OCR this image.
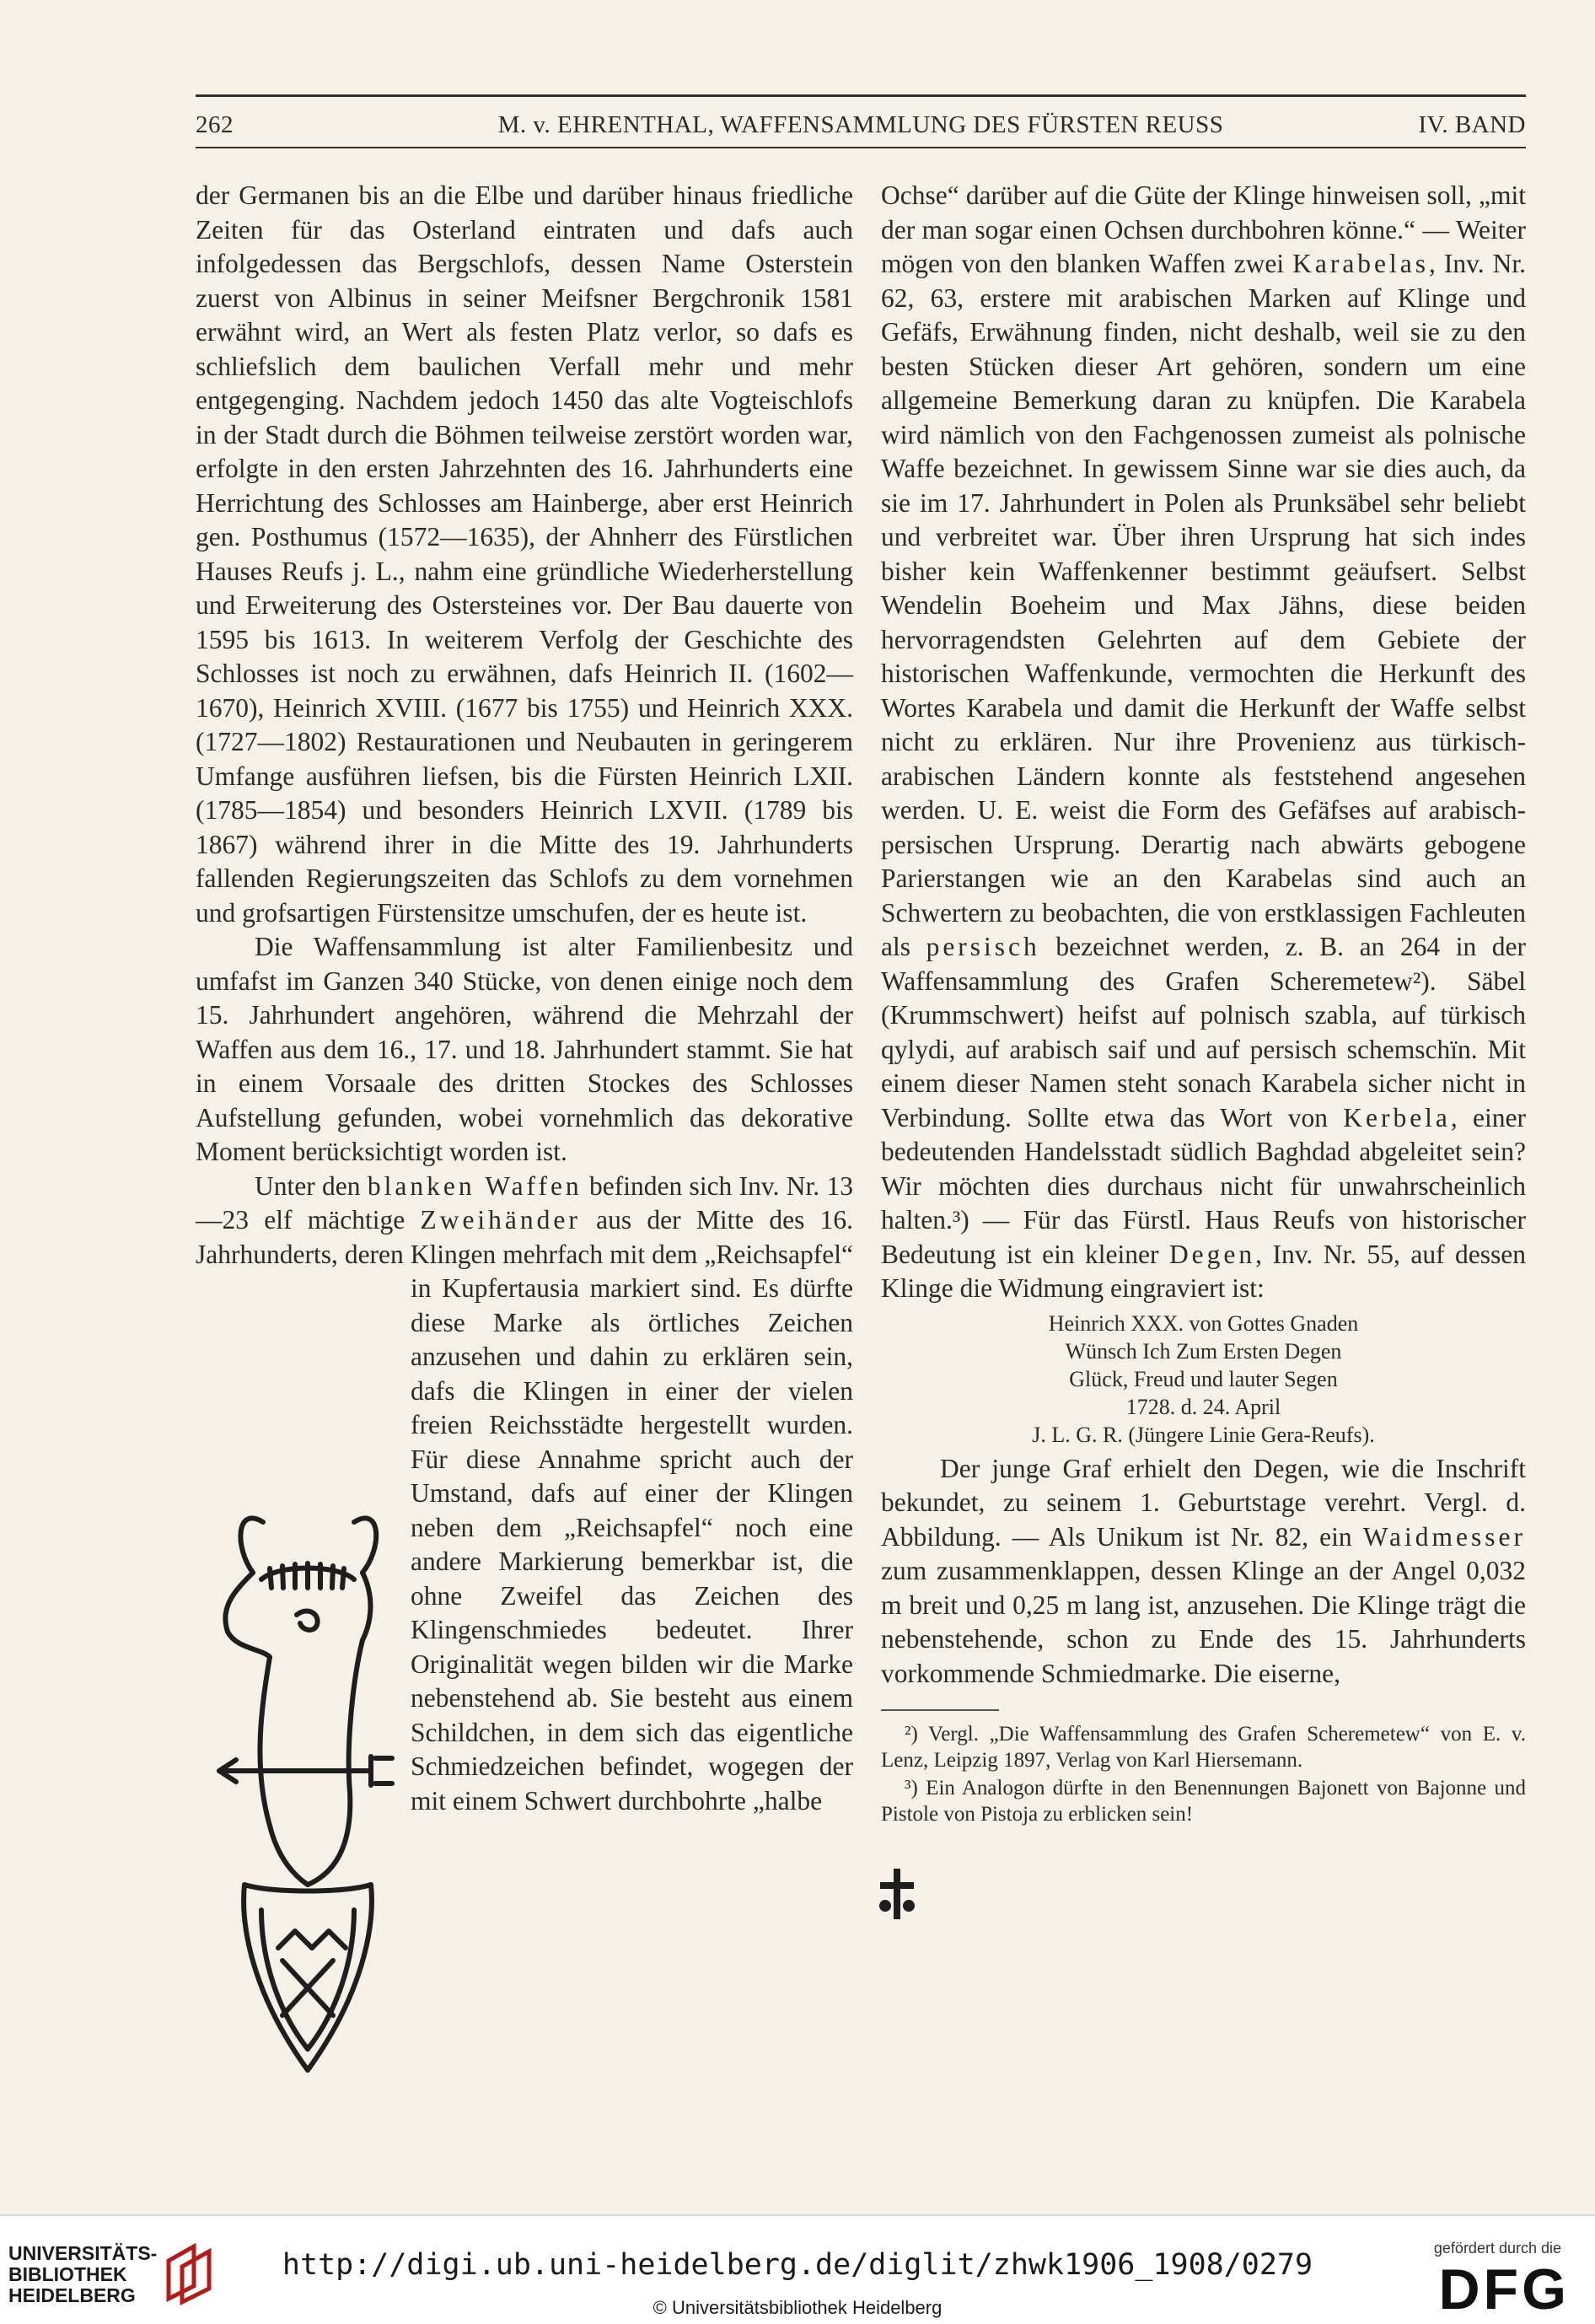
262	M. v. EHRENTHAL, WAFFENSAMMLUNG DES FÜRSTEN REUSS	IV. BAND

der Germanen bis an die Elbe und darüber hinaus friedliche Zeiten für das Osterland eintraten und dafs auch infolgedessen das Bergschlofs, dessen Name Osterstein zuerst von Albinus in seiner Meifsner Bergchronik 1581 erwähnt wird, an Wert als festen Platz verlor, so dafs es schliefslich dem baulichen Verfall mehr und mehr entgegenging. Nachdem jedoch 1450 das alte Vogteischlofs in der Stadt durch die Böhmen teilweise zerstört worden war, erfolgte in den ersten Jahrzehnten des 16. Jahrhunderts eine Herrichtung des Schlosses am Hainberge, aber erst Heinrich gen. Posthumus (1572—1635), der Ahnherr des Fürstlichen Hauses Reufs j. L., nahm eine gründliche Wiederherstellung und Erweiterung des Ostersteines vor. Der Bau dauerte von 1595 bis 1613. In weiterem Verfolg der Geschichte des Schlosses ist noch zu erwähnen, dafs Heinrich II. (1602—1670), Heinrich XVIII. (1677 bis 1755) und Heinrich XXX. (1727—1802) Restaurationen und Neubauten in geringerem Umfange ausführen liefsen, bis die Fürsten Heinrich LXII. (1785—1854) und besonders Heinrich LXVII. (1789 bis 1867) während ihrer in die Mitte des 19. Jahrhunderts fallenden Regierungszeiten das Schlofs zu dem vornehmen und grofsartigen Fürstensitze umschufen, der es heute ist.

Die Waffensammlung ist alter Familienbesitz und umfafst im Ganzen 340 Stücke, von denen einige noch dem 15. Jahrhundert angehören, während die Mehrzahl der Waffen aus dem 16., 17. und 18. Jahrhundert stammt. Sie hat in einem Vorsaale des dritten Stockes des Schlosses Aufstellung gefunden, wobei vornehmlich das dekorative Moment berücksichtigt worden ist.

Unter den blanken Waffen befinden sich Inv. Nr. 13—23 elf mächtige Zweihänder aus der Mitte des 16. Jahrhunderts, deren Klingen mehrfach mit dem „Reichsapfel“ in Kupfertausia
markiert sind. Es dürfte diese Marke als örtliches Zeichen anzusehen und dahin zu erklären sein, dafs die Klingen in einer der vielen freien Reichsstädte hergestellt wurden. Für diese Annahme spricht auch der Umstand, dafs auf einer der Klingen neben dem „Reichsapfel“ noch eine andere Markierung bemerkbar ist, die ohne Zweifel das Zeichen des Klingenschmiedes bedeutet. Ihrer Originalität wegen bilden wir die Marke nebenstehend ab. Sie besteht aus einem Schildchen, in dem sich das eigentliche Schmiedzeichen befindet, wogegen der mit einem Schwert durchbohrte „halbe

Ochse“ darüber auf die Güte der Klinge hinweisen soll, „mit der man sogar einen Ochsen durchbohren könne.“ — Weiter mögen von den blanken Waffen zwei Karabelas, Inv. Nr. 62, 63, erstere mit arabischen Marken auf Klinge und Gefäfs, Erwähnung finden, nicht deshalb, weil sie zu den besten Stücken dieser Art gehören, sondern um eine allgemeine Bemerkung daran zu knüpfen. Die Karabela wird nämlich von den Fachgenossen zumeist als polnische Waffe bezeichnet. In gewissem Sinne war sie dies auch, da sie im 17. Jahrhundert in Polen als Prunksäbel sehr beliebt und verbreitet war. Über ihren Ursprung hat sich indes bisher kein Waffenkenner bestimmt geäufsert. Selbst Wendelin Boeheim und Max Jähns, diese beiden hervorragendsten Gelehrten auf dem Gebiete der historischen Waffenkunde, vermochten die Herkunft des Wortes Karabela und damit die Herkunft der Waffe selbst nicht zu erklären. Nur ihre Provenienz aus türkisch-arabischen Ländern konnte als feststehend angesehen werden. U. E. weist die Form des Gefäfses auf arabisch-persischen Ursprung. Derartig nach abwärts gebogene Parierstangen wie an den Karabelas sind auch an Schwertern zu beobachten, die von erstklassigen Fachleuten als persisch bezeichnet werden, z. B. an 264 in der Waffensammlung des Grafen Scheremetew²). Säbel (Krummschwert) heifst auf polnisch szabla, auf türkisch qylydi, auf arabisch saif und auf persisch schemschïn. Mit einem dieser Namen steht sonach Karabela sicher nicht in Verbindung. Sollte etwa das Wort von Kerbela, einer bedeutenden Handelsstadt südlich Baghdad abgeleitet sein? Wir möchten dies durchaus nicht für unwahrscheinlich halten.³) — Für das Fürstl. Haus Reufs von historischer Bedeutung ist ein kleiner Degen, Inv. Nr. 55, auf dessen Klinge die Widmung eingraviert ist:

Heinrich XXX. von Gottes Gnaden
Wünsch Ich Zum Ersten Degen
Glück, Freud und lauter Segen
1728. d. 24. April
J. L. G. R. (Jüngere Linie Gera-Reufs).

Der junge Graf erhielt den Degen, wie die Inschrift bekundet, zu seinem 1. Geburtstage verehrt. Vergl. d. Abbildung. — Als Unikum ist Nr. 82, ein Waidmesser zum zusammenklappen, dessen Klinge an der Angel 0,032 m breit und 0,25 m lang ist, anzusehen. Die Klinge trägt die nebenstehende, schon zu Ende des 15. Jahrhunderts vorkommende Schmiedmarke. Die eiserne,

²) Vergl. „Die Waffensammlung des Grafen Scheremetew“ von E. v. Lenz, Leipzig 1897, Verlag von Karl Hiersemann.

³) Ein Analogon dürfte in den Benennungen Bajonett von Bajonne und Pistole von Pistoja zu erblicken sein!

UNIVERSITÄTS-
BIBLIOTHEK
HEIDELBERG
http://digi.ub.uni-heidelberg.de/diglit/zhwk1906_1908/0279
© Universitätsbibliothek Heidelberg
gefördert durch die
DFG
